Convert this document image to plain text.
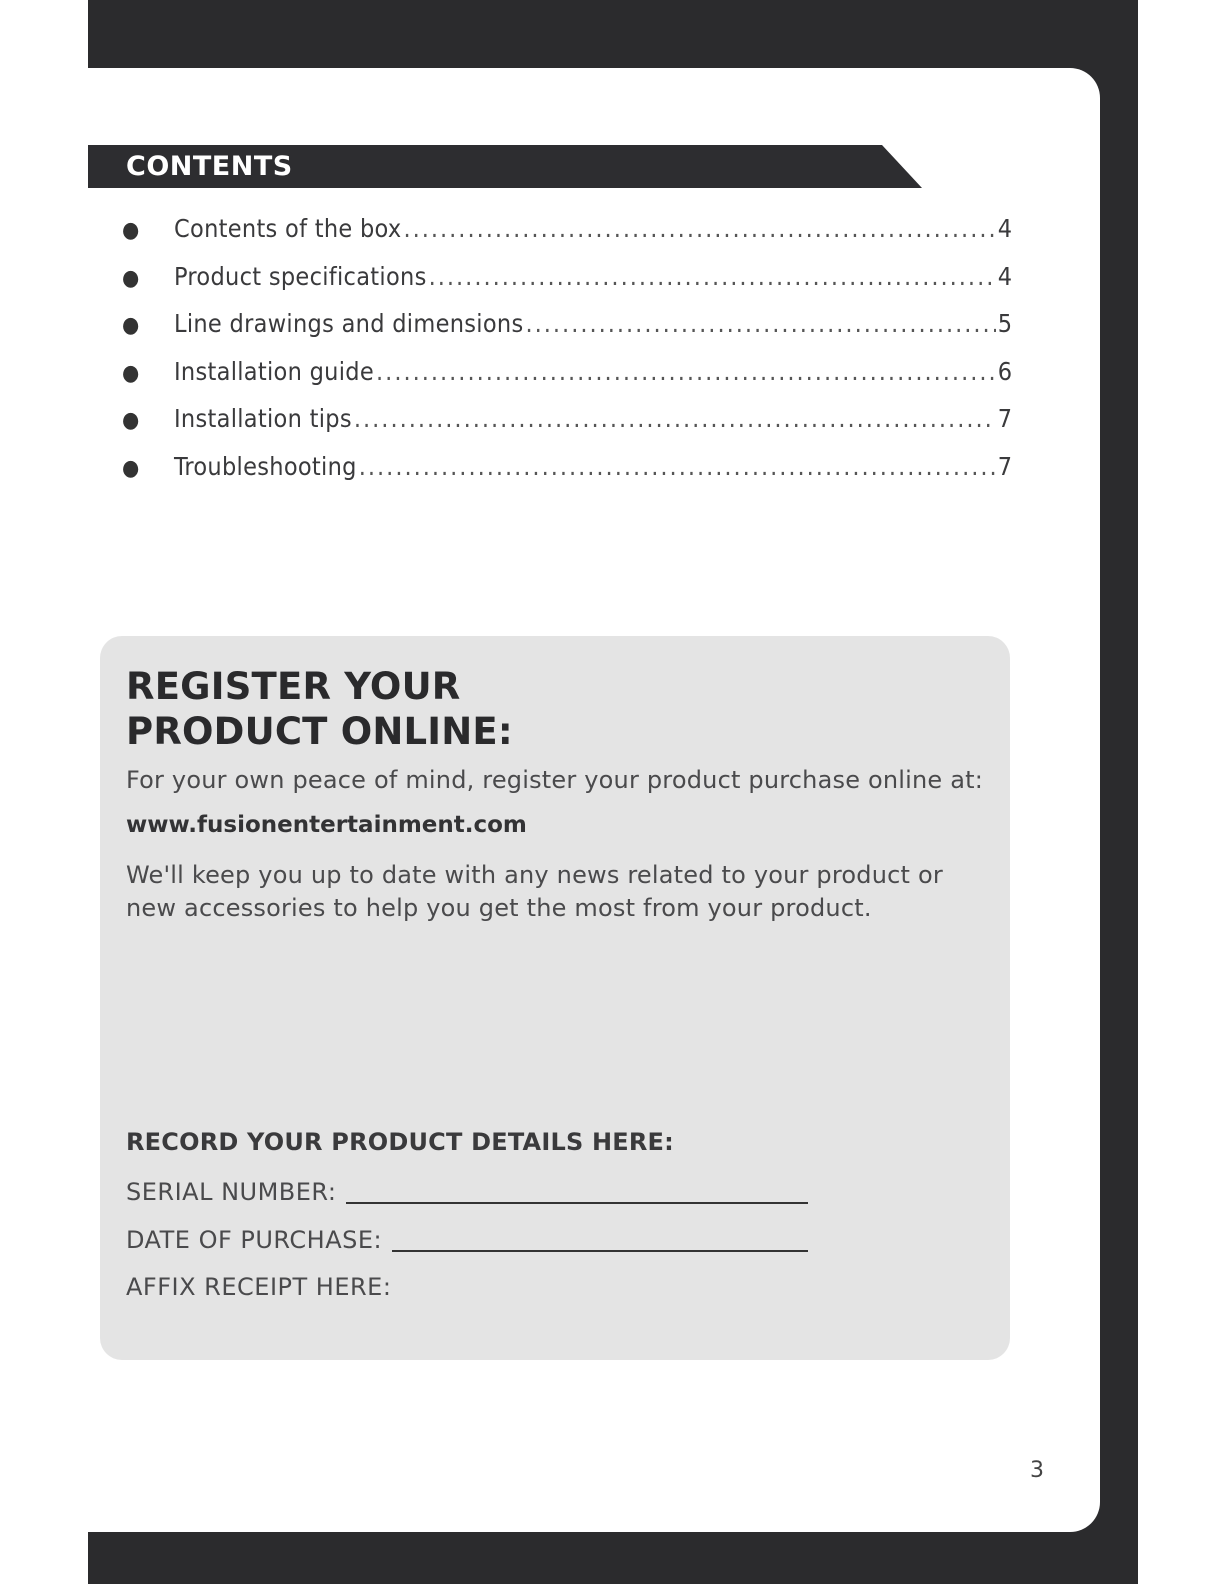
CONTENTS
●	Contents of the box .....	4
●	Product specifications .....	4
●	Line drawings and dimensions .....	5
●	Installation guide .....	6
●	Installation tips .....	7
●	Troubleshooting .....	7
REGISTER YOUR
PRODUCT ONLINE:
For your own peace of mind, register your product purchase online at:
www.fusionentertainment.com
We'll keep you up to date with any news related to your product or new accessories to help you get the most from your product.
RECORD YOUR PRODUCT DETAILS HERE:
SERIAL NUMBER:
DATE OF PURCHASE:
AFFIX RECEIPT HERE:
3
